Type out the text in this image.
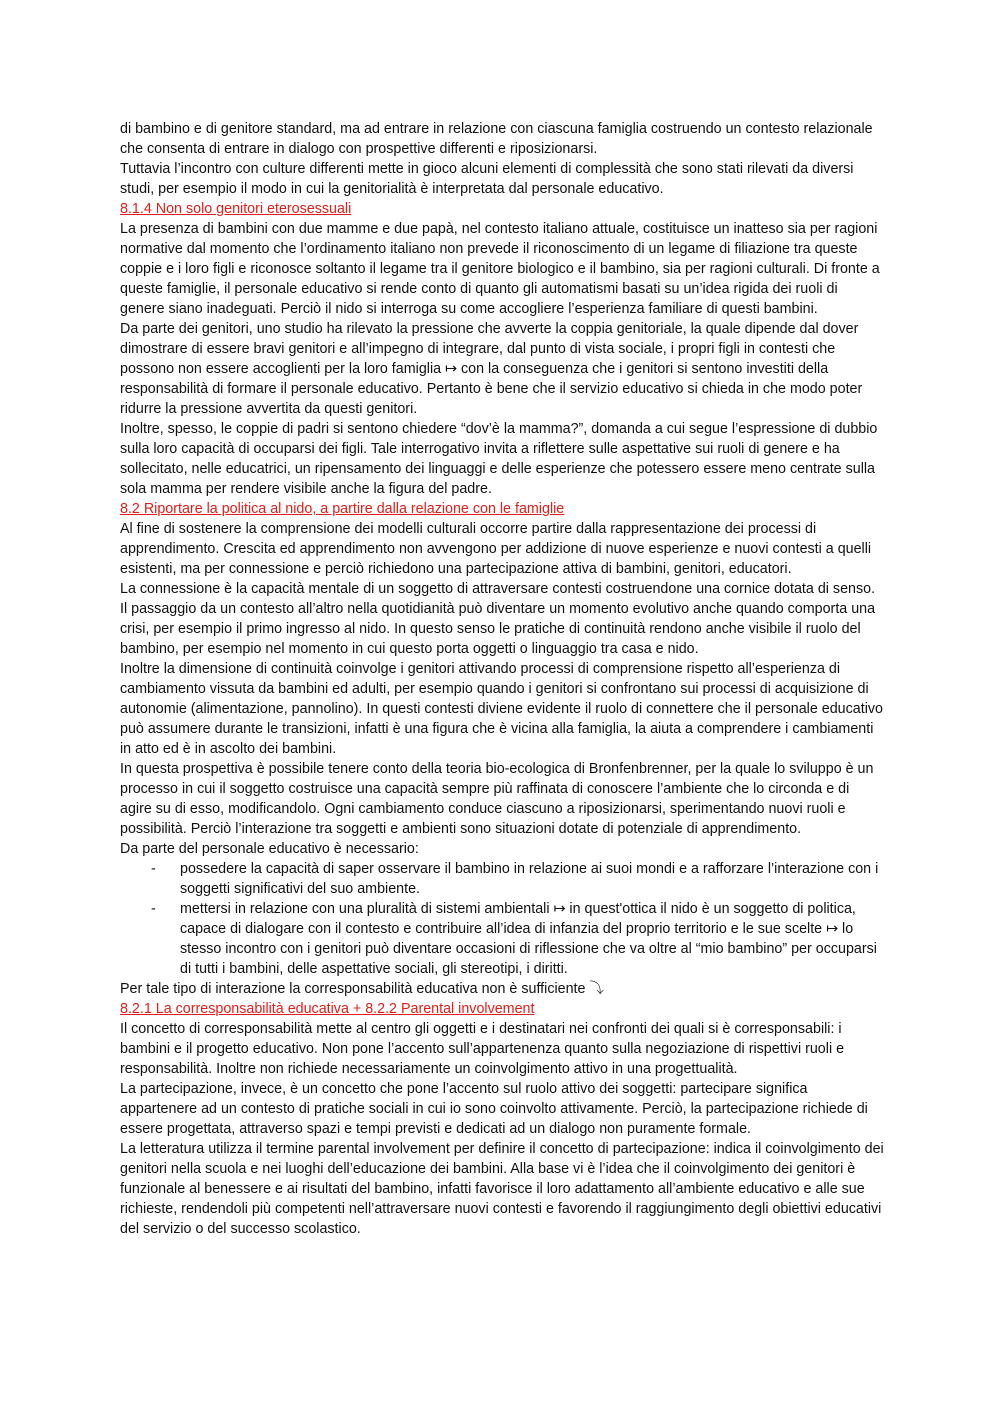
di bambino e di genitore standard, ma ad entrare in relazione con ciascuna famiglia costruendo un contesto relazionale che consenta di entrare in dialogo con prospettive differenti e riposizionarsi.

Tuttavia l’incontro con culture differenti mette in gioco alcuni elementi di complessità che sono stati rilevati da diversi studi, per esempio il modo in cui la genitorialità è interpretata dal personale educativo.

8.1.4 Non solo genitori eterosessuali

La presenza di bambini con due mamme e due papà, nel contesto italiano attuale, costituisce un inatteso sia per ragioni normative dal momento che l’ordinamento italiano non prevede il riconoscimento di un legame di filiazione tra queste coppie e i loro figli e riconosce soltanto il legame tra il genitore biologico e il bambino, sia per ragioni culturali. Di fronte a queste famiglie, il personale educativo si rende conto di quanto gli automatismi basati su un’idea rigida dei ruoli di genere siano inadeguati. Perciò il nido si interroga su come accogliere l’esperienza familiare di questi bambini.

Da parte dei genitori, uno studio ha rilevato la pressione che avverte la coppia genitoriale, la quale dipende dal dover dimostrare di essere bravi genitori e all’impegno di integrare, dal punto di vista sociale, i propri figli in contesti che possono non essere accoglienti per la loro famiglia ↦ con la conseguenza che i genitori si sentono investiti della responsabilità di formare il personale educativo. Pertanto è bene che il servizio educativo si chieda in che modo poter ridurre la pressione avvertita da questi genitori.

Inoltre, spesso, le coppie di padri si sentono chiedere “dov’è la mamma?”, domanda a cui segue l’espressione di dubbio sulla loro capacità di occuparsi dei figli. Tale interrogativo invita a riflettere sulle aspettative sui ruoli di genere e ha sollecitato, nelle educatrici, un ripensamento dei linguaggi e delle esperienze che potessero essere meno centrate sulla sola mamma per rendere visibile anche la figura del padre.

8.2 Riportare la politica al nido, a partire dalla relazione con le famiglie

Al fine di sostenere la comprensione dei modelli culturali occorre partire dalla rappresentazione dei processi di apprendimento. Crescita ed apprendimento non avvengono per addizione di nuove esperienze e nuovi contesti a quelli esistenti, ma per connessione e perciò richiedono una partecipazione attiva di bambini, genitori, educatori.

La connessione è la capacità mentale di un soggetto di attraversare contesti costruendone una cornice dotata di senso. Il passaggio da un contesto all’altro nella quotidianità può diventare un momento evolutivo anche quando comporta una crisi, per esempio il primo ingresso al nido. In questo senso le pratiche di continuità rendono anche visibile il ruolo del bambino, per esempio nel momento in cui questo porta oggetti o linguaggio tra casa e nido.

Inoltre la dimensione di continuità coinvolge i genitori attivando processi di comprensione rispetto all’esperienza di cambiamento vissuta da bambini ed adulti, per esempio quando i genitori si confrontano sui processi di acquisizione di autonomie (alimentazione, pannolino). In questi contesti diviene evidente il ruolo di connettere che il personale educativo può assumere durante le transizioni, infatti è una figura che è vicina alla famiglia, la aiuta a comprendere i cambiamenti in atto ed è in ascolto dei bambini.

In questa prospettiva è possibile tenere conto della teoria bio-ecologica di Bronfenbrenner, per la quale lo sviluppo è un processo in cui il soggetto costruisce una capacità sempre più raffinata di conoscere l’ambiente che lo circonda e di agire su di esso, modificandolo. Ogni cambiamento conduce ciascuno a riposizionarsi, sperimentando nuovi ruoli e possibilità. Perciò l’interazione tra soggetti e ambienti sono situazioni dotate di potenziale di apprendimento.

Da parte del personale educativo è necessario:

- possedere la capacità di saper osservare il bambino in relazione ai suoi mondi e a rafforzare l’interazione con i soggetti significativi del suo ambiente.
- mettersi in relazione con una pluralità di sistemi ambientali ↦ in quest'ottica il nido è un soggetto di politica, capace di dialogare con il contesto e contribuire all’idea di infanzia del proprio territorio e le sue scelte ↦ lo stesso incontro con i genitori può diventare occasioni di riflessione che va oltre al “mio bambino” per occuparsi di tutti i bambini, delle aspettative sociali, gli stereotipi, i diritti.

Per tale tipo di interazione la corresponsabilità educativa non è sufficiente ⤵

8.2.1 La corresponsabilità educativa + 8.2.2 Parental involvement

Il concetto di corresponsabilità mette al centro gli oggetti e i destinatari nei confronti dei quali si è corresponsabili: i bambini e il progetto educativo. Non pone l’accento sull’appartenenza quanto sulla negoziazione di rispettivi ruoli e responsabilità. Inoltre non richiede necessariamente un coinvolgimento attivo in una progettualità.

La partecipazione, invece, è un concetto che pone l’accento sul ruolo attivo dei soggetti: partecipare significa appartenere ad un contesto di pratiche sociali in cui io sono coinvolto attivamente. Perciò, la partecipazione richiede di essere progettata, attraverso spazi e tempi previsti e dedicati ad un dialogo non puramente formale.

La letteratura utilizza il termine parental involvement per definire il concetto di partecipazione: indica il coinvolgimento dei genitori nella scuola e nei luoghi dell’educazione dei bambini. Alla base vi è l’idea che il coinvolgimento dei genitori è funzionale al benessere e ai risultati del bambino, infatti favorisce il loro adattamento all’ambiente educativo e alle sue richieste, rendendoli più competenti nell’attraversare nuovi contesti e favorendo il raggiungimento degli obiettivi educativi del servizio o del successo scolastico.
